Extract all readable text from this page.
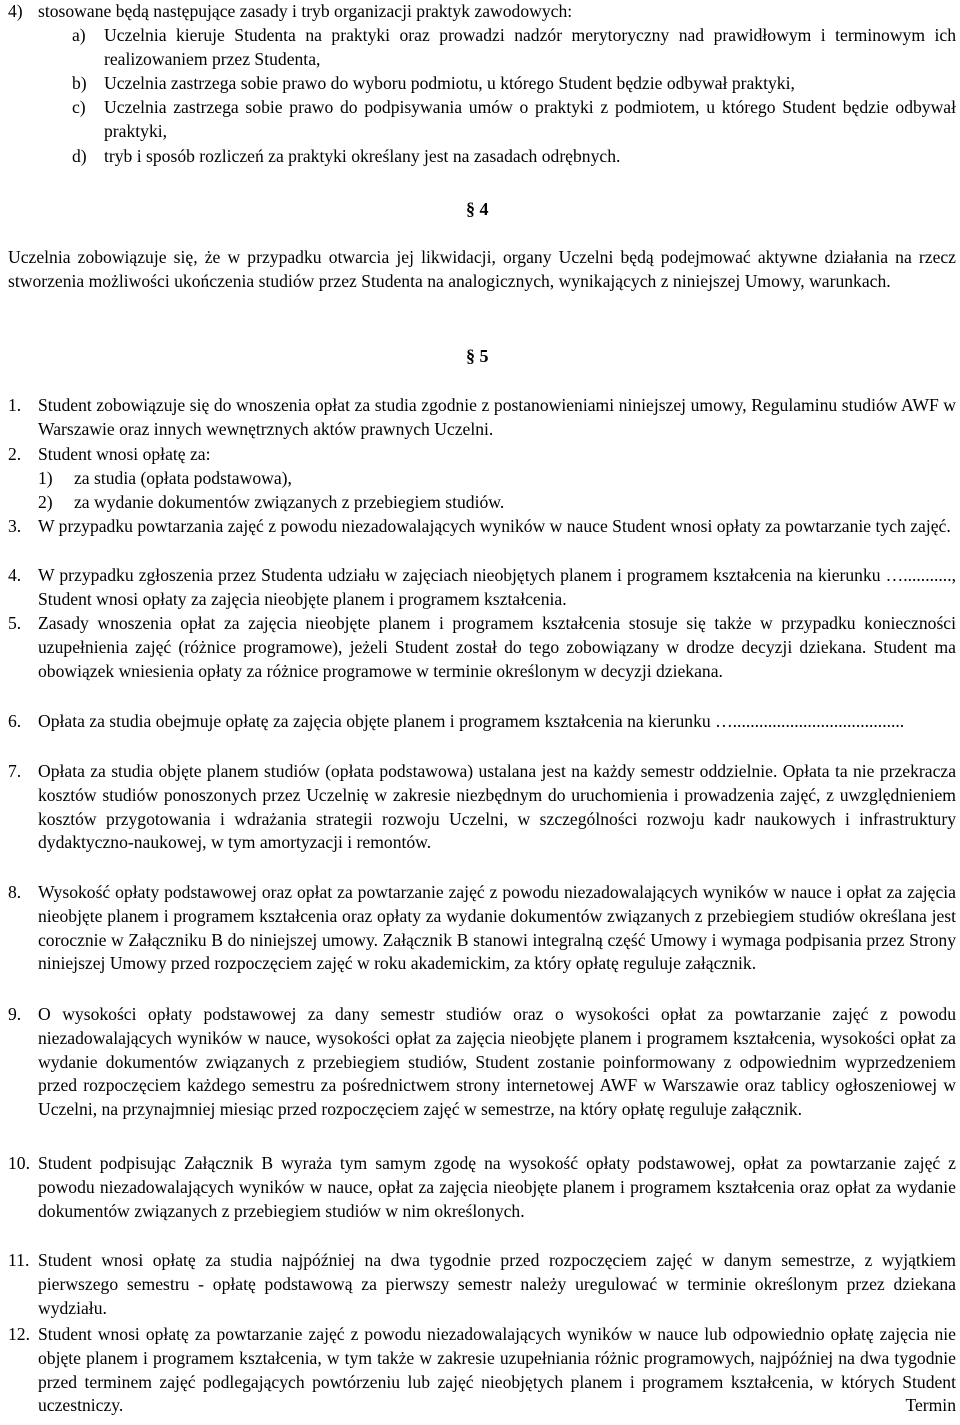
4) stosowane będą następujące zasady i tryb organizacji praktyk zawodowych:
a) Uczelnia kieruje Studenta na praktyki oraz prowadzi nadzór merytoryczny nad prawidłowym i terminowym ich realizowaniem przez Studenta,
b) Uczelnia zastrzega sobie prawo do wyboru podmiotu, u którego Student będzie odbywał praktyki,
c) Uczelnia zastrzega sobie prawo do podpisywania umów o praktyki z podmiotem, u którego Student będzie odbywał praktyki,
d) tryb i sposób rozliczeń za praktyki określany jest na zasadach odrębnych.
§ 4
Uczelnia zobowiązuje się, że w przypadku otwarcia jej likwidacji, organy Uczelni będą podejmować aktywne działania na rzecz stworzenia możliwości ukończenia studiów przez Studenta na analogicznych, wynikających z niniejszej Umowy, warunkach.
§ 5
1. Student zobowiązuje się do wnoszenia opłat za studia zgodnie z postanowieniami niniejszej umowy, Regulaminu studiów AWF w Warszawie oraz innych wewnętrznych aktów prawnych Uczelni.
2. Student wnosi opłatę za:
1) za studia (opłata podstawowa),
2) za wydanie dokumentów związanych z przebiegiem studiów.
3. W przypadku powtarzania zajęć z powodu niezadowalających wyników w nauce Student wnosi opłaty za powtarzanie tych zajęć.
4. W przypadku zgłoszenia przez Studenta udziału w zajęciach nieobjętych planem i programem kształcenia na kierunku …..........., Student wnosi opłaty za zajęcia nieobjęte planem i programem kształcenia.
5. Zasady wnoszenia opłat za zajęcia nieobjęte planem i programem kształcenia stosuje się także w przypadku konieczności uzupełnienia zajęć (różnice programowe), jeżeli Student został do tego zobowiązany w drodze decyzji dziekana. Student ma obowiązek wniesienia opłaty za różnice programowe w terminie określonym w decyzji dziekana.
6. Opłata za studia obejmuje opłatę za zajęcia objęte planem i programem kształcenia na kierunku ….......................................
7. Opłata za studia objęte planem studiów (opłata podstawowa) ustalana jest na każdy semestr oddzielnie. Opłata ta nie przekracza kosztów studiów ponoszonych przez Uczelnię w zakresie niezbędnym do uruchomienia i prowadzenia zajęć, z uwzględnieniem kosztów przygotowania i wdrażania strategii rozwoju Uczelni, w szczególności rozwoju kadr naukowych i infrastruktury dydaktyczno-naukowej, w tym amortyzacji i remontów.
8. Wysokość opłaty podstawowej oraz opłat za powtarzanie zajęć z powodu niezadowalających wyników w nauce i opłat za zajęcia nieobjęte planem i programem kształcenia oraz opłaty za wydanie dokumentów związanych z przebiegiem studiów określana jest corocznie w Załączniku B do niniejszej umowy. Załącznik B stanowi integralną część Umowy i wymaga podpisania przez Strony niniejszej Umowy przed rozpoczęciem zajęć w roku akademickim, za który opłatę reguluje załącznik.
9. O wysokości opłaty podstawowej za dany semestr studiów oraz o wysokości opłat za powtarzanie zajęć z powodu niezadowalających wyników w nauce, wysokości opłat za zajęcia nieobjęte planem i programem kształcenia, wysokości opłat za wydanie dokumentów związanych z przebiegiem studiów, Student zostanie poinformowany z odpowiednim wyprzedzeniem przed rozpoczęciem każdego semestru za pośrednictwem strony internetowej AWF w Warszawie oraz tablicy ogłoszeniowej w Uczelni, na przynajmniej miesiąc przed rozpoczęciem zajęć w semestrze, na który opłatę reguluje załącznik.
10. Student podpisując Załącznik B wyraża tym samym zgodę na wysokość opłaty podstawowej, opłat za powtarzanie zajęć z powodu niezadowalających wyników w nauce, opłat za zajęcia nieobjęte planem i programem kształcenia oraz opłat za wydanie dokumentów związanych z przebiegiem studiów w nim określonych.
11. Student wnosi opłatę za studia najpóźniej na dwa tygodnie przed rozpoczęciem zajęć w danym semestrze, z wyjątkiem pierwszego semestru - opłatę podstawową za pierwszy semestr należy uregulować w terminie określonym przez dziekana wydziału.
12. Student wnosi opłatę za powtarzanie zajęć z powodu niezadowalających wyników w nauce lub odpowiednio opłatę zajęcia nie objęte planem i programem kształcenia, w tym także w zakresie uzupełniania różnic programowych, najpóźniej na dwa tygodnie przed terminem zajęć podlegających powtórzeniu lub zajęć nieobjętych planem i programem kształcenia, w których Student uczestniczy. Termin
